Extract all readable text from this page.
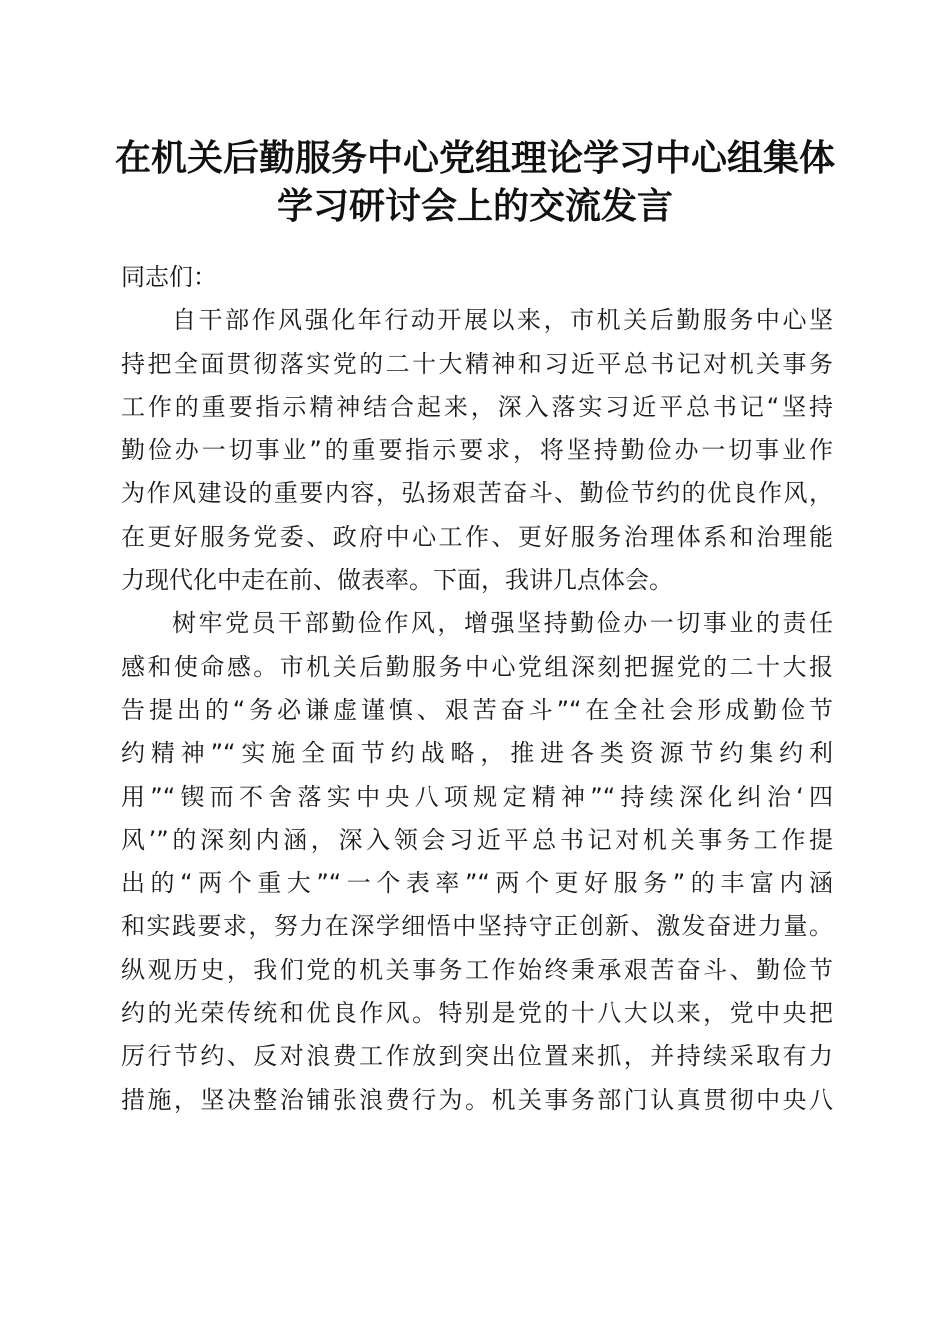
在机关后勤服务中心党组理论学习中心组集体
学习研讨会上的交流发言
同志们：
自干部作风强化年行动开展以来，市机关后勤服务中心坚
持把全面贯彻落实党的二十大精神和习近平总书记对机关事务
工作的重要指示精神结合起来，深入落实习近平总书记“坚持
勤俭办一切事业”的重要指示要求，将坚持勤俭办一切事业作
为作风建设的重要内容，弘扬艰苦奋斗、勤俭节约的优良作风，
在更好服务党委、政府中心工作、更好服务治理体系和治理能
力现代化中走在前、做表率。下面，我讲几点体会。
树牢党员干部勤俭作风，增强坚持勤俭办一切事业的责任
感和使命感。市机关后勤服务中心党组深刻把握党的二十大报
告提出的“务必谦虚谨慎、艰苦奋斗”“在全社会形成勤俭节
约精神”“实施全面节约战略，推进各类资源节约集约利
用”“锲而不舍落实中央八项规定精神”“持续深化纠治‘四
风’”的深刻内涵，深入领会习近平总书记对机关事务工作提
出的“两个重大”“一个表率”“两个更好服务”的丰富内涵
和实践要求，努力在深学细悟中坚持守正创新、激发奋进力量。
纵观历史，我们党的机关事务工作始终秉承艰苦奋斗、勤俭节
约的光荣传统和优良作风。特别是党的十八大以来，党中央把
厉行节约、反对浪费工作放到突出位置来抓，并持续采取有力
措施，坚决整治铺张浪费行为。机关事务部门认真贯彻中央八
